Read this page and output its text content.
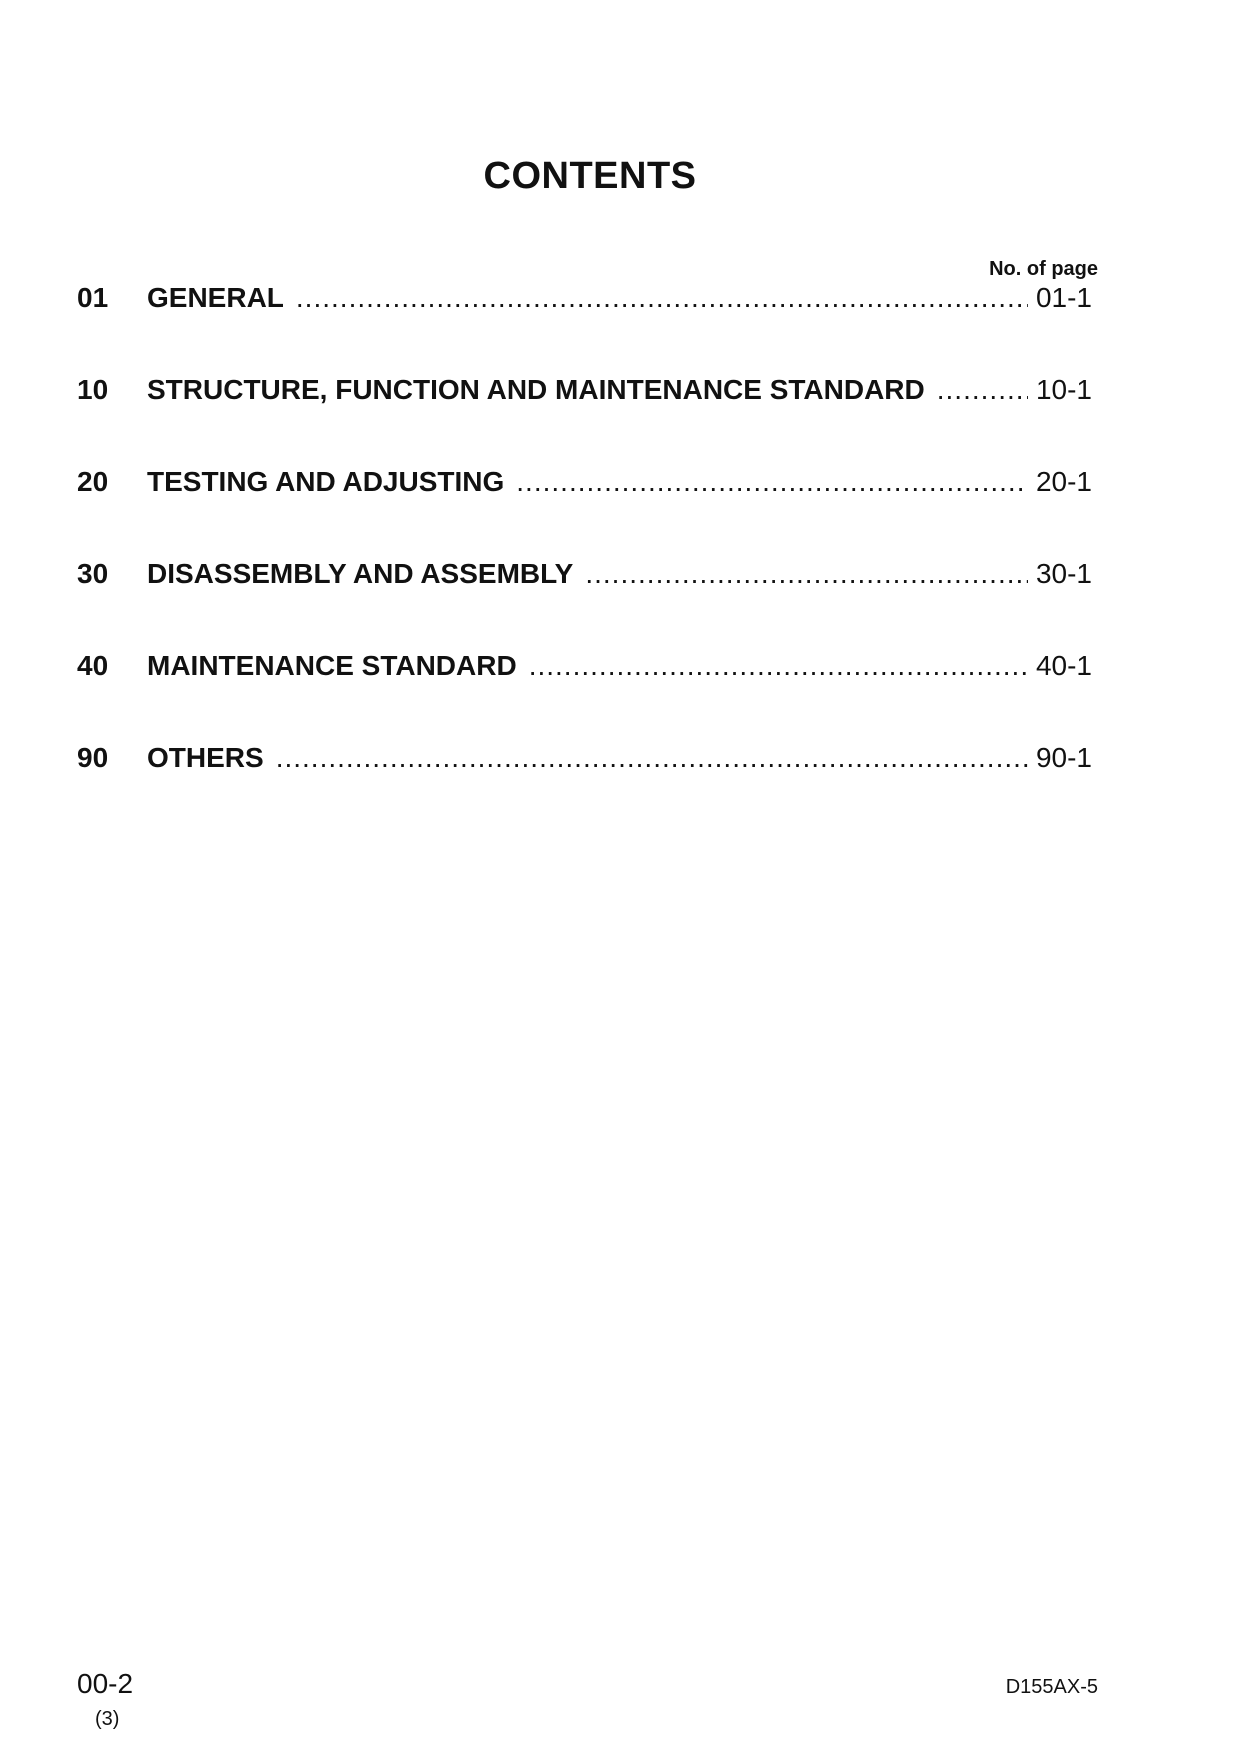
CONTENTS
No. of page
01	GENERAL .....	01-1
10	STRUCTURE, FUNCTION AND MAINTENANCE STANDARD .....	10-1
20	TESTING AND ADJUSTING .....	20-1
30	DISASSEMBLY AND ASSEMBLY .....	30-1
40	MAINTENANCE STANDARD .....	40-1
90	OTHERS .....	90-1
00-2
(3)
D155AX-5
